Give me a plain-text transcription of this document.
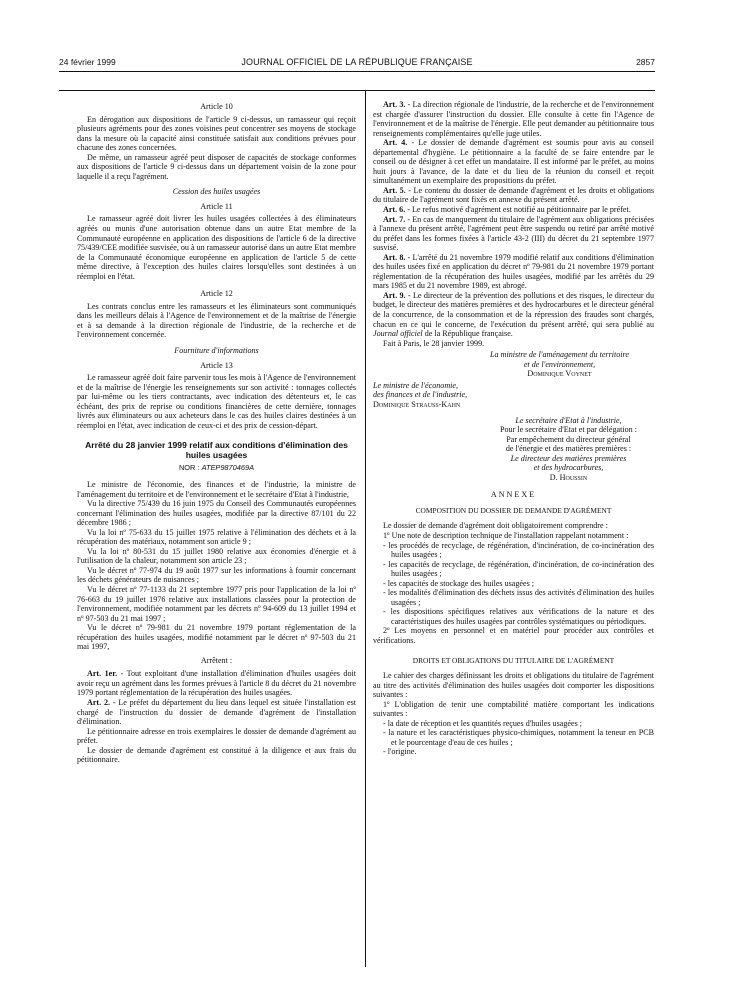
24 février 1999	JOURNAL OFFICIEL DE LA RÉPUBLIQUE FRANÇAISE	2857

Article 10

En dérogation aux dispositions de l'article 9 ci-dessus, un ramasseur qui reçoit plusieurs agréments pour des zones voisines peut concentrer ses moyens de stockage dans la mesure où la capacité ainsi constituée satisfait aux conditions prévues pour chacune des zones concernées.

De même, un ramasseur agréé peut disposer de capacités de stockage conformes aux dispositions de l'article 9 ci-dessus dans un département voisin de la zone pour laquelle il a reçu l'agrément.

Cession des huiles usagées

Article 11

Le ramasseur agréé doit livrer les huiles usagées collectées à des éliminateurs agréés ou munis d'une autorisation obtenue dans un autre Etat membre de la Communauté européenne en application des dispositions de l'article 6 de la directive 75/439/CEE modifiée susvisée, ou à un ramasseur autorisé dans un autre Etat membre de la Communauté économique européenne en application de l'article 5 de cette même directive, à l'exception des huiles claires lorsqu'elles sont destinées à un réemploi en l'état.

Article 12

Les contrats conclus entre les ramasseurs et les éliminateurs sont communiqués dans les meilleurs délais à l'Agence de l'environnement et de la maîtrise de l'énergie et à sa demande à la direction régionale de l'industrie, de la recherche et de l'environnement concernée.

Fourniture d'informations

Article 13

Le ramasseur agréé doit faire parvenir tous les mois à l'Agence de l'environnement et de la maîtrise de l'énergie les renseignements sur son activité : tonnages collectés par lui-même ou les tiers contractants, avec indication des détenteurs et, le cas échéant, des prix de reprise ou conditions financières de cette dernière, tonnages livrés aux éliminateurs ou aux acheteurs dans le cas des huiles claires destinées à un réemploi en l'état, avec indication de ceux-ci et des prix de cession-départ.

Arrêté du 28 janvier 1999 relatif aux conditions d'élimination des huiles usagées

NOR : ATEP9870469A

Le ministre de l'économie, des finances et de l'industrie, la ministre de l'aménagement du territoire et de l'environnement et le secrétaire d'Etat à l'industrie,

Vu la directive 75/439 du 16 juin 1975 du Conseil des Communautés européennes concernant l'élimination des huiles usagées, modifiée par la directive 87/101 du 22 décembre 1986 ;

Vu la loi nº 75-633 du 15 juillet 1975 relative à l'élimination des déchets et à la récupération des matériaux, notamment son article 9 ;

Vu la loi nº 80-531 du 15 juillet 1980 relative aux économies d'énergie et à l'utilisation de la chaleur, notamment son article 23 ;

Vu le décret nº 77-974 du 19 août 1977 sur les informations à fournir concernant les déchets générateurs de nuisances ;

Vu le décret nº 77-1133 du 21 septembre 1977 pris pour l'application de la loi nº 76-663 du 19 juillet 1976 relative aux installations classées pour la protection de l'environnement, modifiée notamment par les décrets nº 94-609 du 13 juillet 1994 et nº 97-503 du 21 mai 1997 ;

Vu le décret nº 79-981 du 21 novembre 1979 portant réglementation de la récupération des huiles usagées, modifié notamment par le décret nº 97-503 du 21 mai 1997,

Arrêtent :

Art. 1er. - Tout exploitant d'une installation d'élimination d'huiles usagées doit avoir reçu un agrément dans les formes prévues à l'article 8 du décret du 21 novembre 1979 portant réglementation de la récupération des huiles usagées.

Art. 2. - Le préfet du département du lieu dans lequel est située l'installation est chargé de l'instruction du dossier de demande d'agrément de l'installation d'élimination.

Le pétitionnaire adresse en trois exemplaires le dossier de demande d'agrément au préfet.

Le dossier de demande d'agrément est constitué à la diligence et aux frais du pétitionnaire.

Art. 3. - La direction régionale de l'industrie, de la recherche et de l'environnement est chargée d'assurer l'instruction du dossier. Elle consulte à cette fin l'Agence de l'environnement et de la maîtrise de l'énergie. Elle peut demander au pétitionnaire tous renseignements complémentaires qu'elle juge utiles.

Art. 4. - Le dossier de demande d'agrément est soumis pour avis au conseil départemental d'hygiène. Le pétitionnaire a la faculté de se faire entendre par le conseil ou de désigner à cet effet un mandataire. Il est informé par le préfet, au moins huit jours à l'avance, de la date et du lieu de la réunion du conseil et reçoit simultanément un exemplaire des propositions du préfet.

Art. 5. - Le contenu du dossier de demande d'agrément et les droits et obligations du titulaire de l'agrément sont fixés en annexe du présent arrêté.

Art. 6. - Le refus motivé d'agrément est notifié au pétitionnaire par le préfet.

Art. 7. - En cas de manquement du titulaire de l'agrément aux obligations précisées à l'annexe du présent arrêté, l'agrément peut être suspendu ou retiré par arrêté motivé du préfet dans les formes fixées à l'article 43-2 (III) du décret du 21 septembre 1977 susvisé.

Art. 8. - L'arrêté du 21 novembre 1979 modifié relatif aux conditions d'élimination des huiles usées fixé en application du décret nº 79-981 du 21 novembre 1979 portant réglementation de la récupération des huiles usagées, modifié par les arrêtés du 29 mars 1985 et du 21 novembre 1989, est abrogé.

Art. 9. - Le directeur de la prévention des pollutions et des risques, le directeur du budget, le directeur des matières premières et des hydrocarbures et le directeur général de la concurrence, de la consommation et de la répression des fraudes sont chargés, chacun en ce qui le concerne, de l'exécution du présent arrêté, qui sera publié au Journal officiel de la République française.

Fait à Paris, le 28 janvier 1999.

La ministre de l'aménagement du territoire
et de l'environnement,
Dominique Voynet
Le ministre de l'économie,
des finances et de l'industrie,
Dominique Strauss-Kahn
Le secrétaire d'Etat à l'industrie,
Pour le secrétaire d'Etat et par délégation :
Par empêchement du directeur général
de l'énergie et des matières premières :
Le directeur des matières premières
et des hydrocarbures,
D. Houssin

ANNEXE

COMPOSITION DU DOSSIER DE DEMANDE D'AGRÉMENT

Le dossier de demande d'agrément doit obligatoirement comprendre :

1º Une note de description technique de l'installation rappelant notamment :

- les procédés de recyclage, de régénération, d'incinération, de co-incinération des huiles usagées ;
- les capacités de recyclage, de régénération, d'incinération, de co-incinération des huiles usagées ;
- les capacités de stockage des huiles usagées ;
- les modalités d'élimination des déchets issus des activités d'élimination des huiles usagées ;
- les dispositions spécifiques relatives aux vérifications de la nature et des caractéristiques des huiles usagées par contrôles systématiques ou périodiques.

2º Les moyens en personnel et en matériel pour procéder aux contrôles et vérifications.

DROITS ET OBLIGATIONS DU TITULAIRE DE L'AGRÉMENT

Le cahier des charges définissant les droits et obligations du titulaire de l'agrément au titre des activités d'élimination des huiles usagées doit comporter les dispositions suivantes :

1º L'obligation de tenir une comptabilité matière comportant les indications suivantes :

- la date de réception et les quantités reçues d'huiles usagées ;
- la nature et les caractéristiques physico-chimiques, notamment la teneur en PCB et le pourcentage d'eau de ces huiles ;
- l'origine.
